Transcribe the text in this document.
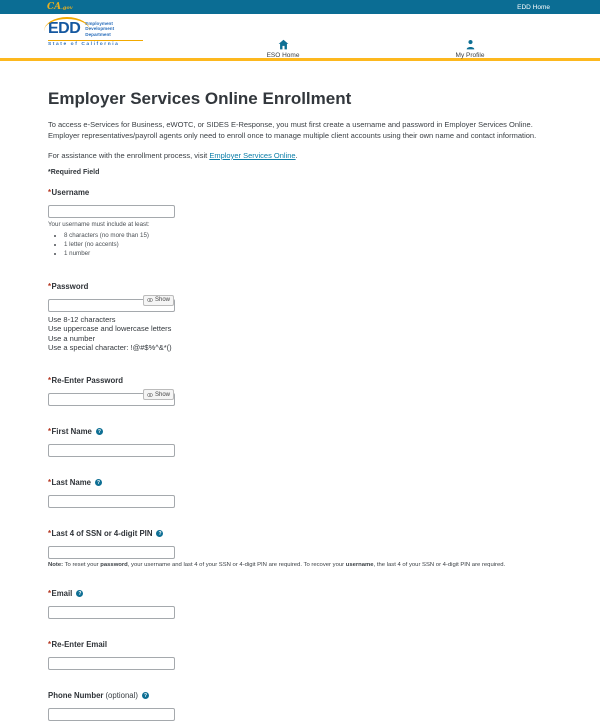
CA.gov	EDD Home
EDD Employment
Development
Department
State of California
ESO Home	My Profile
Employer Services Online Enrollment

To access e-Services for Business, eWOTC, or SIDES E-Response, you must first create a username and password in Employer Services Online. Employer representatives/payroll agents only need to enroll once to manage multiple client accounts using their own name and contact information.

For assistance with the enrollment process, visit Employer Services Online.

*Required Field
* Username
Your username must include at least:
• 8 characters (no more than 15)
• 1 letter (no accents)
• 1 number
* Password
Show
Use 8-12 characters
Use uppercase and lowercase letters
Use a number
Use a special character: !@#$%^&*()
* Re-Enter Password
Show
* First Name	?
* Last Name	?
* Last 4 of SSN or 4-digit PIN	?
Note: To reset your password, your username and last 4 of your SSN or 4-digit PIN are required. To recover your username, the last 4 of your SSN or 4-digit PIN are required.
* Email	?
* Re-Enter Email
Phone Number (optional)	?
